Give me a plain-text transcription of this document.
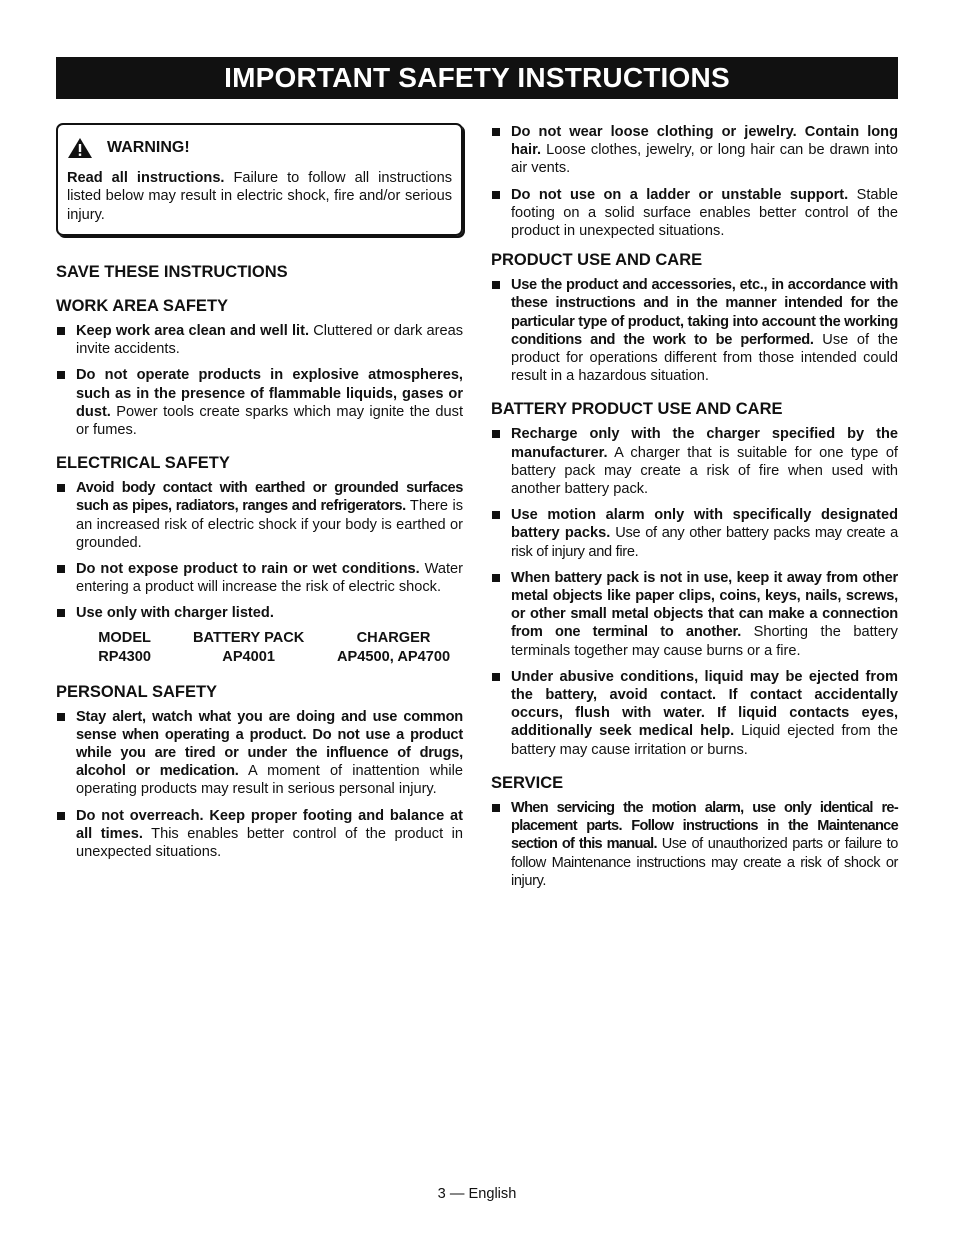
IMPORTANT SAFETY INSTRUCTIONS
WARNING!

Read all instructions. Failure to follow all instructions listed below may result in electric shock, fire and/or serious injury.

SAVE THESE INSTRUCTIONS
WORK AREA SAFETY
Keep work area clean and well lit. Cluttered or dark areas invite accidents.
Do not operate products in explosive atmospheres, such as in the presence of flammable liquids, gases or dust. Power tools create sparks which may ignite the dust or fumes.
ELECTRICAL SAFETY
Avoid body contact with earthed or grounded surfaces such as pipes, radiators, ranges and refrigerators. There is an increased risk of electric shock if your body is earthed or grounded.
Do not expose product to rain or wet conditions. Water entering a product will increase the risk of electric shock.
Use only with charger listed.
MODEL	BATTERY PACK	CHARGER
RP4300	AP4001	AP4500, AP4700
PERSONAL SAFETY
Stay alert, watch what you are doing and use common sense when operating a product. Do not use a product while you are tired or under the influence of drugs, alcohol or medication. A moment of inattention while operating products may result in serious personal injury.
Do not overreach. Keep proper footing and balance at all times. This enables better control of the product in unexpected situations.
Do not wear loose clothing or jewelry. Contain long hair. Loose clothes, jewelry, or long hair can be drawn into air vents.
Do not use on a ladder or unstable support. Stable footing on a solid surface enables better control of the product in unexpected situations.
PRODUCT USE AND CARE
Use the product and accessories, etc., in accordance with these instructions and in the manner intended for the particular type of product, taking into account the working conditions and the work to be performed. Use of the product for operations different from those intended could result in a hazardous situation.
BATTERY PRODUCT USE AND CARE
Recharge only with the charger specified by the manufacturer. A charger that is suitable for one type of battery pack may create a risk of fire when used with another battery pack.
Use motion alarm only with specifically designated battery packs. Use of any other battery packs may create a risk of injury and fire.
When battery pack is not in use, keep it away from other metal objects like paper clips, coins, keys, nails, screws, or other small metal objects that can make a connection from one terminal to another. Shorting the battery terminals together may cause burns or a fire.
Under abusive conditions, liquid may be ejected from the battery, avoid contact. If contact accidentally occurs, flush with water. If liquid contacts eyes, additionally seek medical help. Liquid ejected from the battery may cause irritation or burns.
SERVICE
When servicing the motion alarm, use only identical re-placement parts. Follow instructions in the Maintenance section of this manual. Use of unauthorized parts or failure to follow Maintenance instructions may create a risk of shock or injury.
3 — English
